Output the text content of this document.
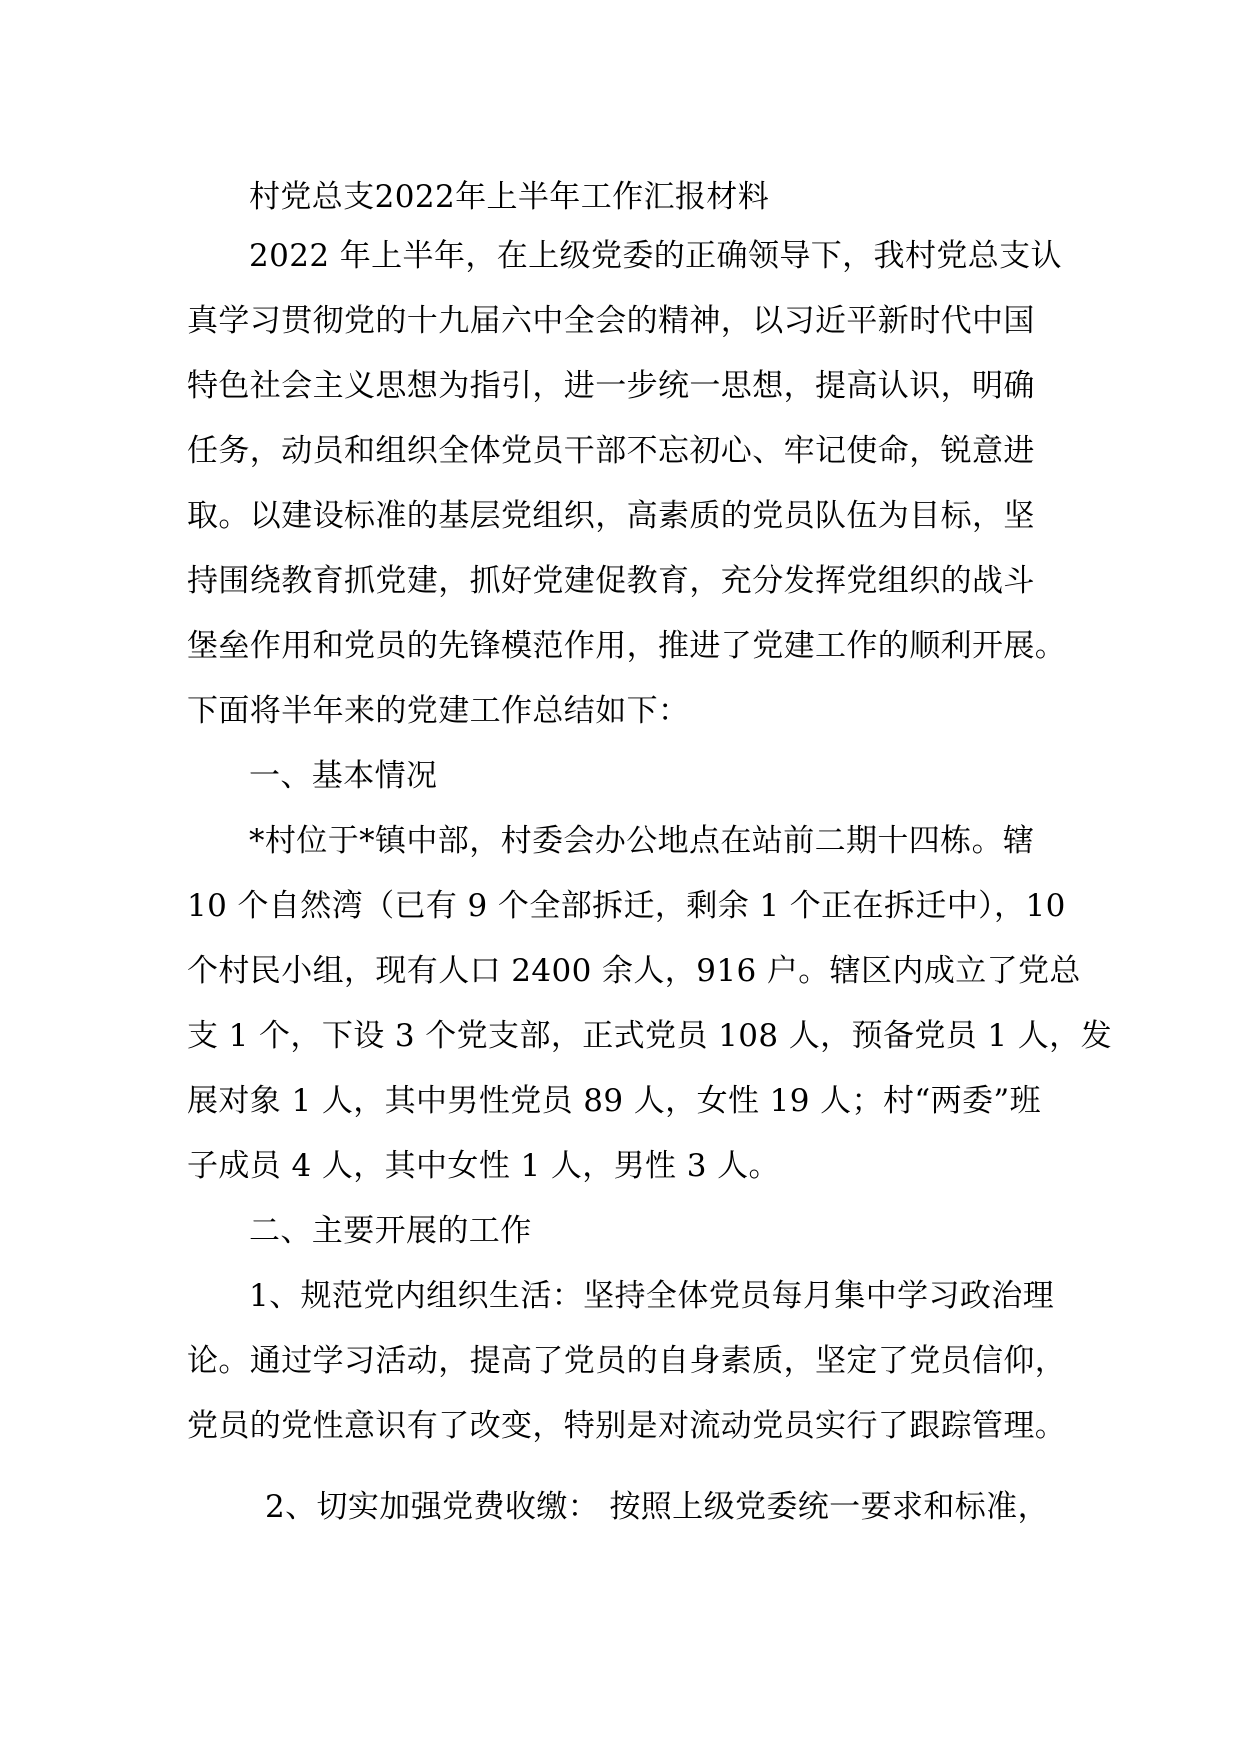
村党总支2022年上半年工作汇报材料
2022 年上半年，在上级党委的正确领导下，我村党总支认
真学习贯彻党的十九届六中全会的精神，以习近平新时代中国
特色社会主义思想为指引，进一步统一思想，提高认识，明确
任务，动员和组织全体党员干部不忘初心、牢记使命，锐意进
取。以建设标准的基层党组织，高素质的党员队伍为目标，坚
持围绕教育抓党建，抓好党建促教育，充分发挥党组织的战斗
堡垒作用和党员的先锋模范作用，推进了党建工作的顺利开展。
下面将半年来的党建工作总结如下：
一、基本情况
*村位于*镇中部，村委会办公地点在站前二期十四栋。辖
10 个自然湾（已有 9 个全部拆迁，剩余 1 个正在拆迁中），10
个村民小组，现有人口 2400 余人，916 户。辖区内成立了党总
支 1 个，下设 3 个党支部，正式党员 108 人，预备党员 1 人，发
展对象 1 人，其中男性党员 89 人，女性 19 人；村“两委”班
子成员 4 人，其中女性 1 人，男性 3 人。
二、主要开展的工作
1、规范党内组织生活：坚持全体党员每月集中学习政治理
论。通过学习活动，提高了党员的自身素质，坚定了党员信仰，
党员的党性意识有了改变，特别是对流动党员实行了跟踪管理。
2、切实加强党费收缴： 按照上级党委统一要求和标准，
